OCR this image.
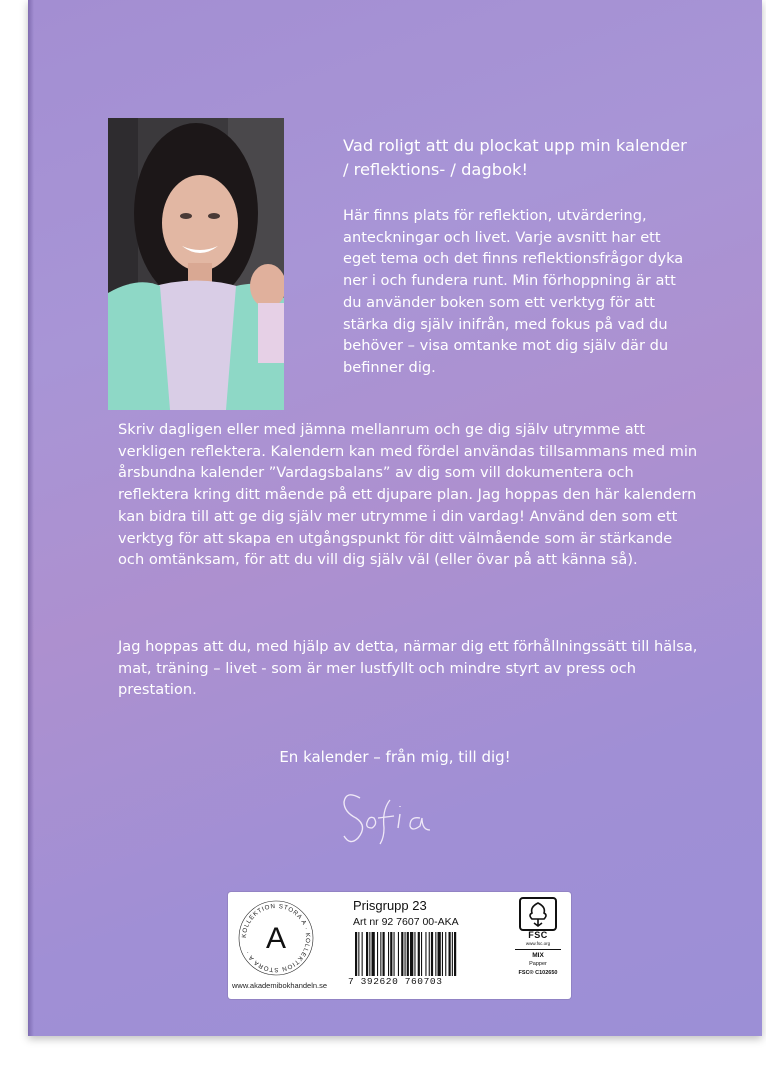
Vad roligt att du plockat upp min kalender / reflektions- / dagbok!
Här finns plats för reflektion, utvärdering, anteckningar och livet. Varje avsnitt har ett eget tema och det finns reflektionsfrågor dyka ner i och fundera runt. Min förhoppning är att du använder boken som ett verktyg för att stärka dig själv inifrån, med fokus på vad du behöver – visa omtanke mot dig själv där du befinner dig.
Skriv dagligen eller med jämna mellanrum och ge dig själv utrymme att verkligen reflektera. Kalendern kan med fördel användas tillsammans med min årsbundna kalender ”Vardagsbalans” av dig som vill dokumentera och reflektera kring ditt mående på ett djupare plan. Jag hoppas den här kalendern kan bidra till att ge dig själv mer utrymme i din vardag! Använd den som ett verktyg för att skapa en utgångspunkt för ditt välmående som är stärkande och omtänksam, för att du vill dig själv väl (eller övar på att känna så).
Jag hoppas att du, med hjälp av detta, närmar dig ett förhållningssätt till hälsa, mat, träning – livet - som är mer lustfyllt och mindre styrt av press och prestation.
En kalender – från mig, till dig!
KOLLEKTION STORA A · KOLLEKTION STORA A · A
www.akademibokhandeln.se
Prisgrupp 23
Art nr 92 7607 00-AKA
7 392620 760703
FSC
www.fsc.org
MIX
Papper
FSC® C102650
